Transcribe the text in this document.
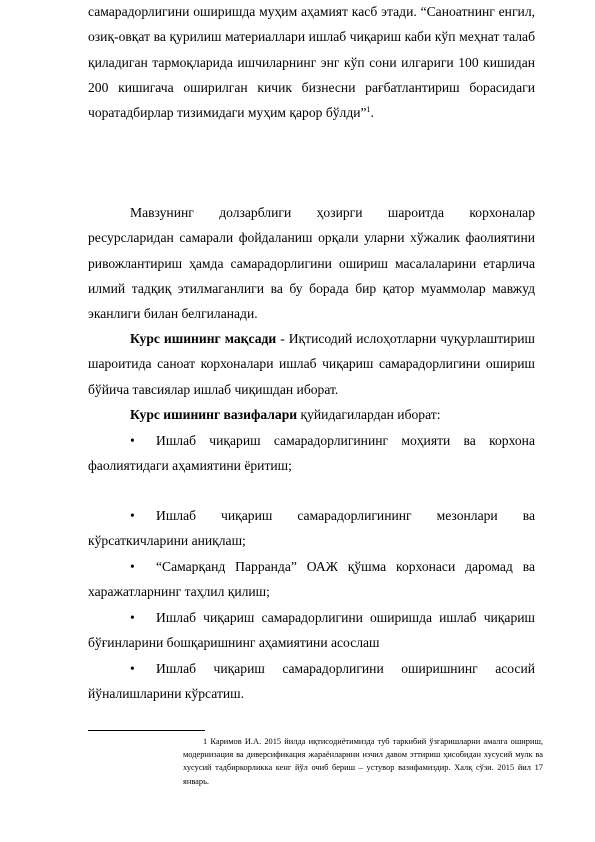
самарадорлигини оширишда муҳим аҳамият касб этади. “Саноатнинг енгил, озиқ-овқат ва қурилиш материаллари ишлаб чиқариш каби кўп меҳнат талаб қиладиган тармоқларида ишчиларнинг энг кўп сони илгариги 100 кишидан 200 кишигача оширилган кичик бизнесни рағбатлантириш борасидаги чоратадбирлар тизимидаги муҳим қарор бўлди”$^1$.

Мавзунинг долзарблиги ҳозирги шароитда корхоналар ресурсларидан самарали фойдаланиш орқали уларни хўжалик фаолиятини ривожлантириш ҳамда самарадорлигини ошириш масалаларини етарлича илмий тадқиқ этилмаганлиги ва бу борада бир қатор муаммолар мавжуд эканлиги билан белгиланади.

Курс ишининг мақсади - Иқтисодий ислоҳотларни чуқурлаштириш шароитида саноат корхоналари ишлаб чиқариш самарадорлигини ошириш бўйича тавсиялар ишлаб чиқишдан иборат.

Курс ишининг вазифалари қуйидагилардан иборат:

•	Ишлаб чиқариш самарадорлигининг моҳияти ва корхона фаолиятидаги аҳамиятини ёритиш;
•	Ишлаб чиқариш самарадорлигининг мезонлари ва кўрсаткичларини аниқлаш;
•	“Самарқанд Парранда” ОАЖ қўшма корхонаси даромад ва харажатларнинг таҳлил қилиш;
•	Ишлаб чиқариш самарадорлигини оширишда ишлаб чиқариш бўғинларини бошқаришнинг аҳамиятини асослаш
•	Ишлаб чиқариш самарадорлигини оширишнинг асосий йўналишларини кўрсатиш.

1 Каримов И.А. 2015 йилда иқтисодиётимизда туб таркибий ўзгаришларни амалга ошириш, модернизация ва диверсификация жараёнларини изчил давом эттириш ҳисобидан хусусий мулк ва хусусий тадбиркорликка кенг йўл очиб бериш – устувор вазифамиздир. Халқ сўзи. 2015 йил 17 январь.
